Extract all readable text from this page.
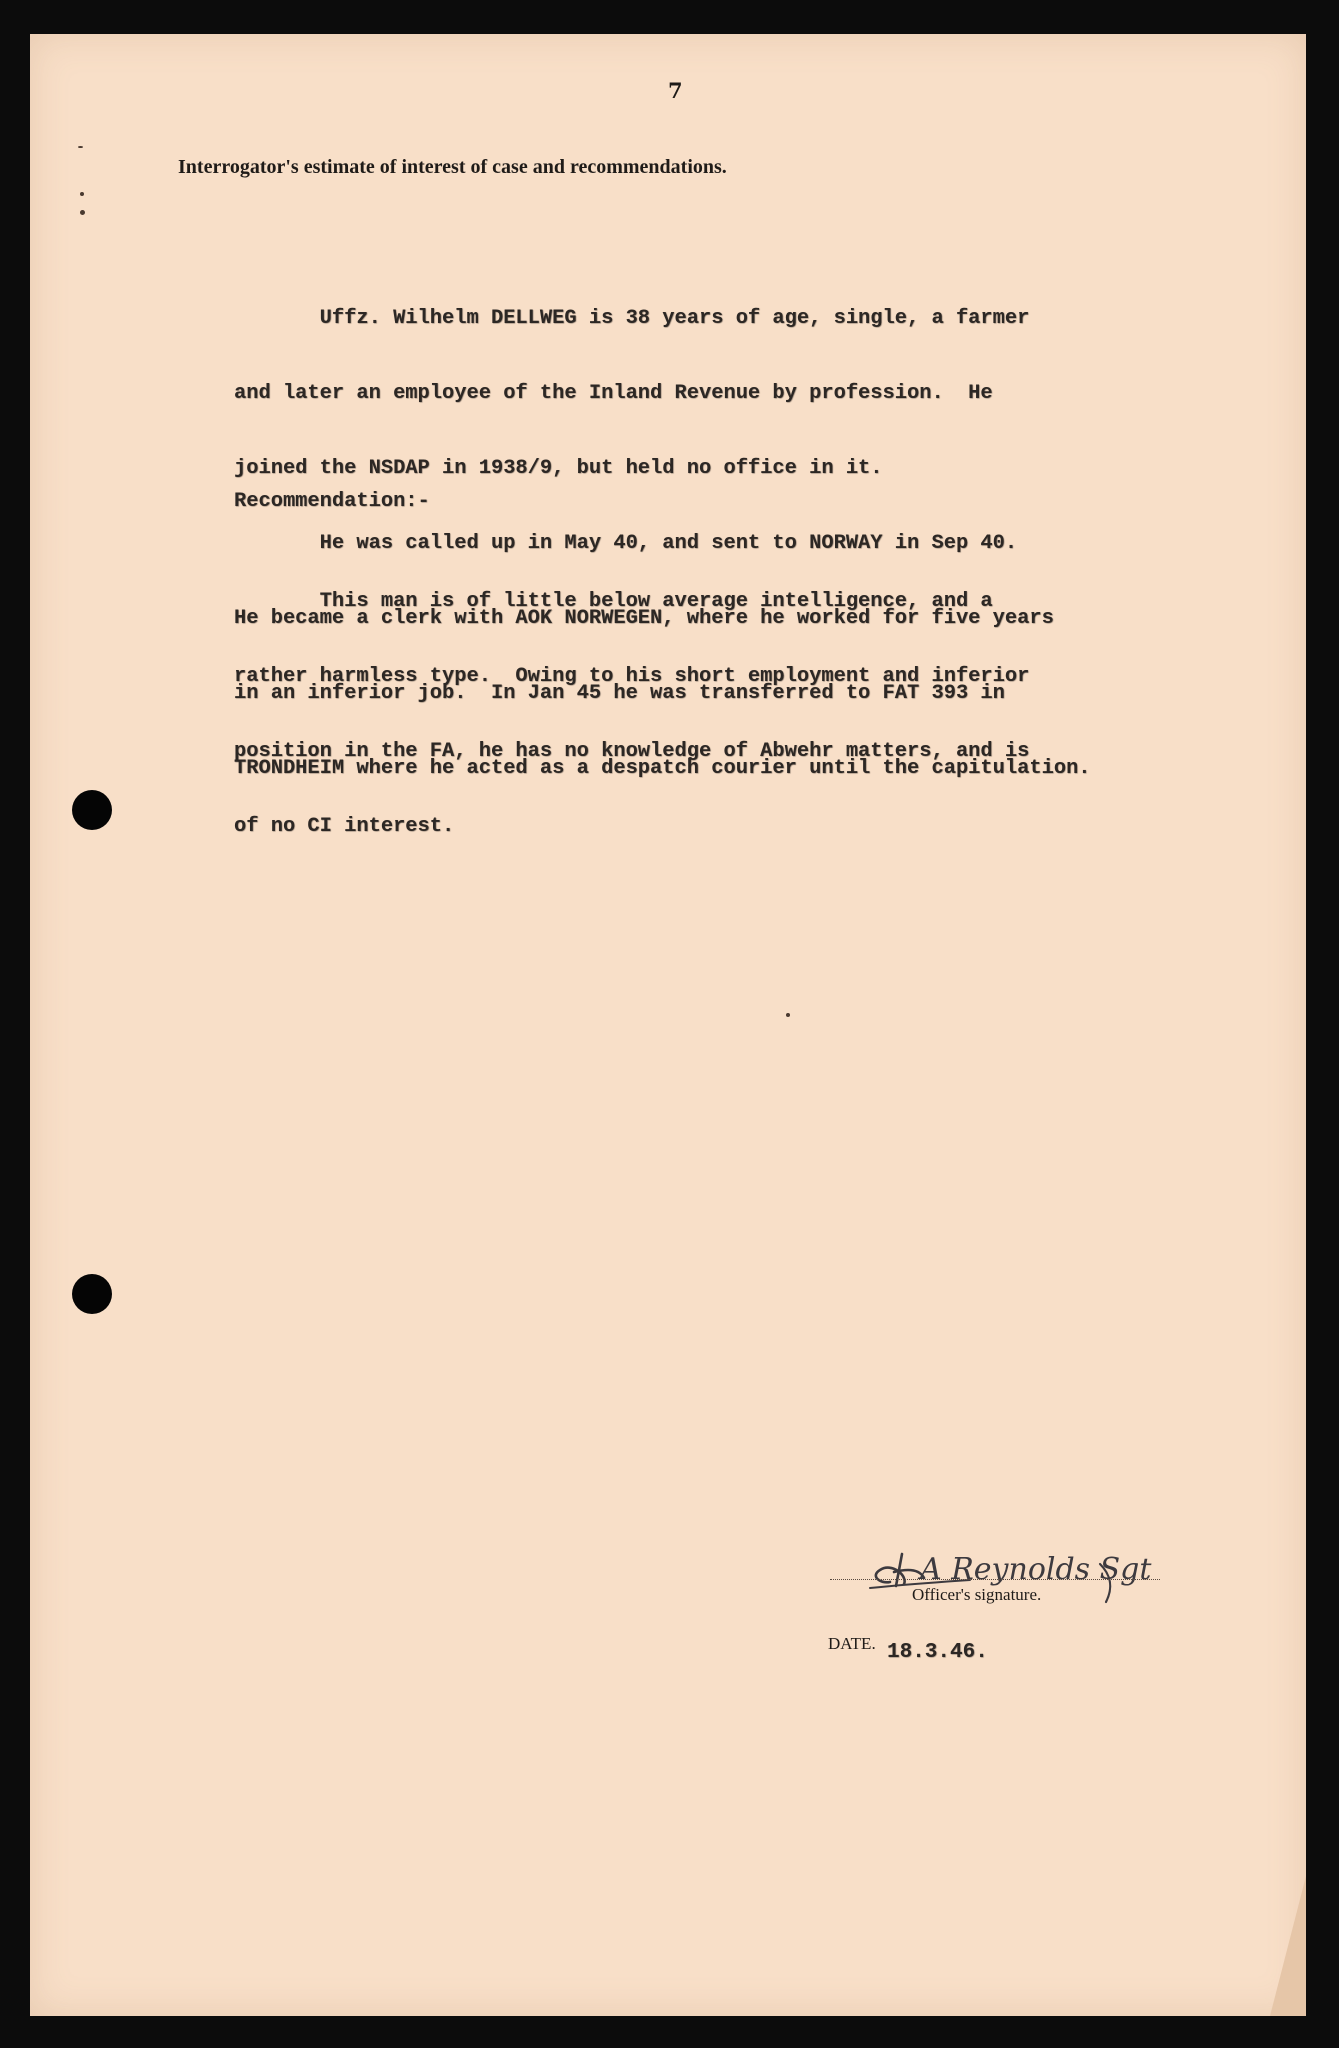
7
Interrogator's estimate of interest of case and recommendations.

Uffz. Wilhelm DELLWEG is 38 years of age, single, a farmer

and later an employee of the Inland Revenue by profession.  He

joined the NSDAP in 1938/9, but held no office in it.

He was called up in May 40, and sent to NORWAY in Sep 40.

He became a clerk with AOK NORWEGEN, where he worked for five years

in an inferior job.  In Jan 45 he was transferred to FAT 393 in

TRONDHEIM where he acted as a despatch courier until the capitulation.

Recommendation:-

This man is of little below average intelligence, and a

rather harmless type.  Owing to his short employment and inferior

position in the FA, he has no knowledge of Abwehr matters, and is

of no CI interest.

A Reynolds Sgt
Officer's signature.
DATE. 18.3.46.
